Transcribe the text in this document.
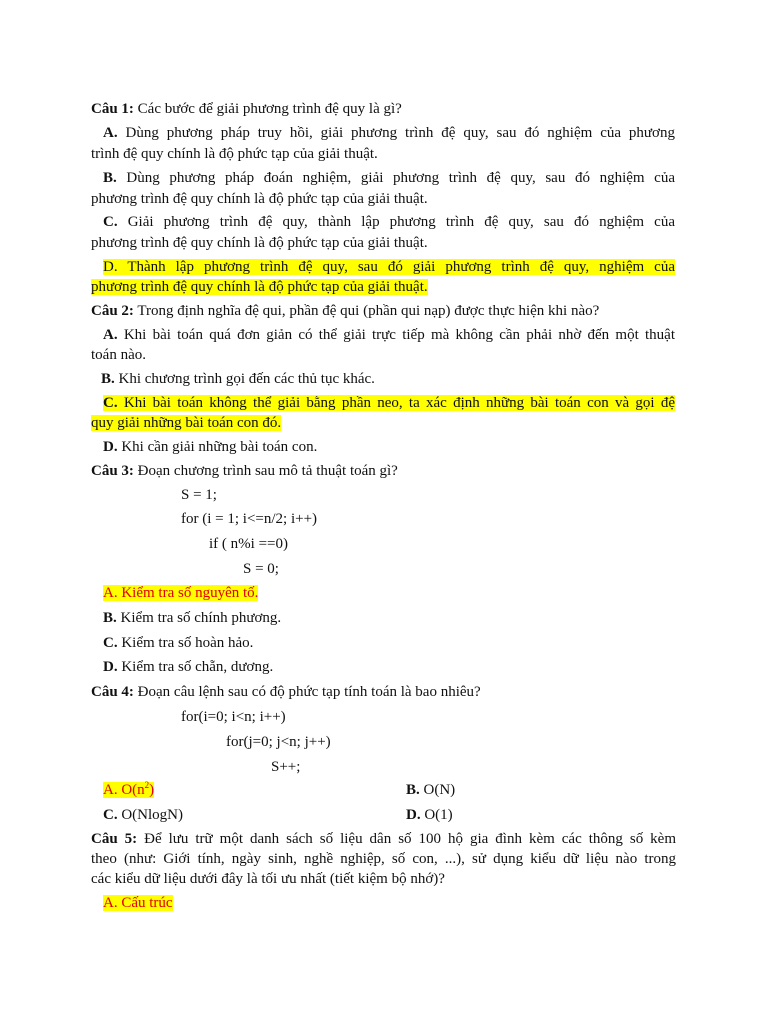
Câu 1: Các bước để giải phương trình đệ quy là gì?
A. Dùng phương pháp truy hồi, giải phương trình đệ quy, sau đó nghiệm của phương
trình đệ quy chính là độ phức tạp của giải thuật.
B. Dùng phương pháp đoán nghiệm, giải phương trình đệ quy, sau đó nghiệm của
phương trình đệ quy chính là độ phức tạp của giải thuật.
C. Giải phương trình đệ quy, thành lập phương trình đệ quy, sau đó nghiệm của
phương trình đệ quy chính là độ phức tạp của giải thuật.
D. Thành lập phương trình đệ quy, sau đó giải phương trình đệ quy, nghiệm của
phương trình đệ quy chính là độ phức tạp của giải thuật.
Câu 2: Trong định nghĩa đệ qui, phần đệ qui (phần qui nạp) được thực hiện khi nào?
A. Khi bài toán quá đơn giản có thể giải trực tiếp mà không cần phải nhờ đến một thuật
toán nào.
B. Khi chương trình gọi đến các thủ tục khác.
C. Khi bài toán không thể giải bằng phần neo, ta xác định những bài toán con và gọi đệ
quy giải những bài toán con đó.
D. Khi cần giải những bài toán con.
Câu 3: Đoạn chương trình sau mô tả thuật toán gì?
S = 1;
for (i = 1; i<=n/2; i++)
if ( n%i ==0)
S = 0;
A. Kiểm tra số nguyên tố.
B. Kiểm tra số chính phương.
C. Kiểm tra số hoàn hảo.
D. Kiểm tra số chẵn, dương.
Câu 4: Đoạn câu lệnh sau có độ phức tạp tính toán là bao nhiêu?
for(i=0; i<n; i++)
for(j=0; j<n; j++)
S++;
A. $O(n^2)$	B. O(N)
C. O(NlogN)	D. O(1)
Câu 5: Để lưu trữ một danh sách số liệu dân số 100 hộ gia đình kèm các thông số kèm
theo (như: Giới tính, ngày sinh, nghề nghiệp, số con, ...), sử dụng kiểu dữ liệu nào trong
các kiểu dữ liệu dưới đây là tối ưu nhất (tiết kiệm bộ nhớ)?
A. Cấu trúc
